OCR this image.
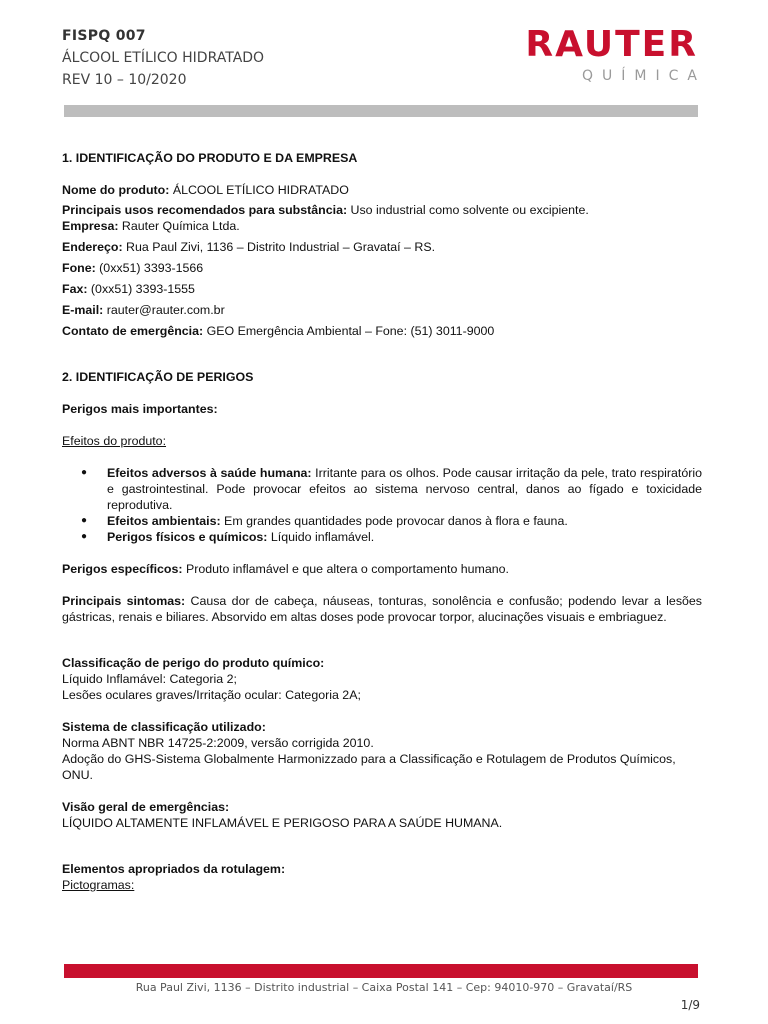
FISPQ 007
ÁLCOOL ETÍLICO HIDRATADO
REV 10 – 10/2020
RAUTER
QUÍMICA

1. IDENTIFICAÇÃO DO PRODUTO E DA EMPRESA

Nome do produto: ÁLCOOL ETÍLICO HIDRATADO

Principais usos recomendados para substância: Uso industrial como solvente ou excipiente.

Empresa: Rauter Química Ltda.

Endereço: Rua Paul Zivi, 1136 – Distrito Industrial – Gravataí – RS.

Fone: (0xx51) 3393-1566

Fax: (0xx51) 3393-1555

E-mail: rauter@rauter.com.br

Contato de emergência: GEO Emergência Ambiental – Fone: (51) 3011-9000

2. IDENTIFICAÇÃO DE PERIGOS

Perigos mais importantes:

Efeitos do produto:

● Efeitos adversos à saúde humana: Irritante para os olhos. Pode causar irritação da pele, trato respiratório e gastrointestinal. Pode provocar efeitos ao sistema nervoso central, danos ao fígado e toxicidade reprodutiva.
● Efeitos ambientais: Em grandes quantidades pode provocar danos à flora e fauna.
● Perigos físicos e químicos: Líquido inflamável.

Perigos específicos: Produto inflamável e que altera o comportamento humano.

Principais sintomas: Causa dor de cabeça, náuseas, tonturas, sonolência e confusão; podendo levar a lesões gástricas, renais e biliares. Absorvido em altas doses pode provocar torpor, alucinações visuais e embriaguez.

Classificação de perigo do produto químico:

Líquido Inflamável: Categoria 2;

Lesões oculares graves/Irritação ocular: Categoria 2A;

Sistema de classificação utilizado:

Norma ABNT NBR 14725-2:2009, versão corrigida 2010.

Adoção do GHS-Sistema Globalmente Harmonizzado para a Classificação e Rotulagem de Produtos Químicos, ONU.

Visão geral de emergências:

LÍQUIDO ALTAMENTE INFLAMÁVEL E PERIGOSO PARA A SAÚDE HUMANA.

Elementos apropriados da rotulagem:

Pictogramas:

Rua Paul Zivi, 1136 – Distrito industrial – Caixa Postal 141 – Cep: 94010-970 – Gravataí/RS
1/9
